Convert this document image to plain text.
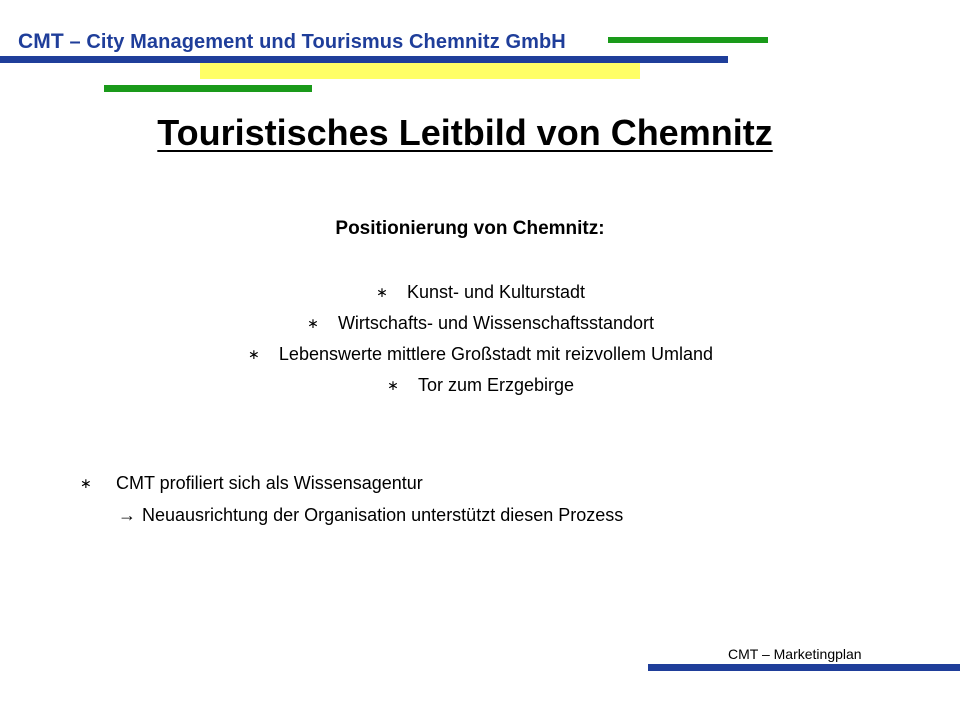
CMT – City Management und Tourismus Chemnitz GmbH
Touristisches Leitbild von Chemnitz
Positionierung von Chemnitz:
∗ Kunst- und Kulturstadt
∗ Wirtschafts- und Wissenschaftsstandort
∗ Lebenswerte mittlere Großstadt mit reizvollem Umland
∗ Tor zum Erzgebirge
∗ CMT profiliert sich als Wissensagentur
→ Neuausrichtung der Organisation unterstützt diesen Prozess
CMT – Marketingplan
